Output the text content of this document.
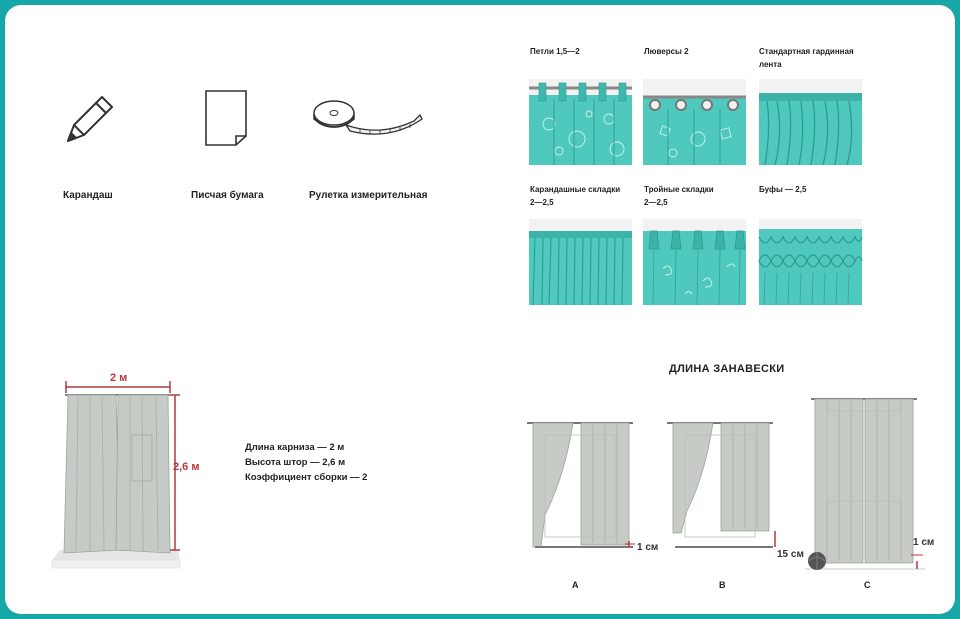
Карандаш	Писчая бумага	Рулетка измерительная
Петли 1,5—2	Люверсы 2	Стандартная гардинная
лента
Карандашные складки
2—2,5
Тройные складки
2—2,5
Буфы — 2,5
2 м
2,6 м
Длина карниза — 2 м
Высота штор — 2,6 м
Коэффициент сборки — 2
ДЛИНА ЗАНАВЕСКИ
1 см
A
15 см
B
1 см
C
